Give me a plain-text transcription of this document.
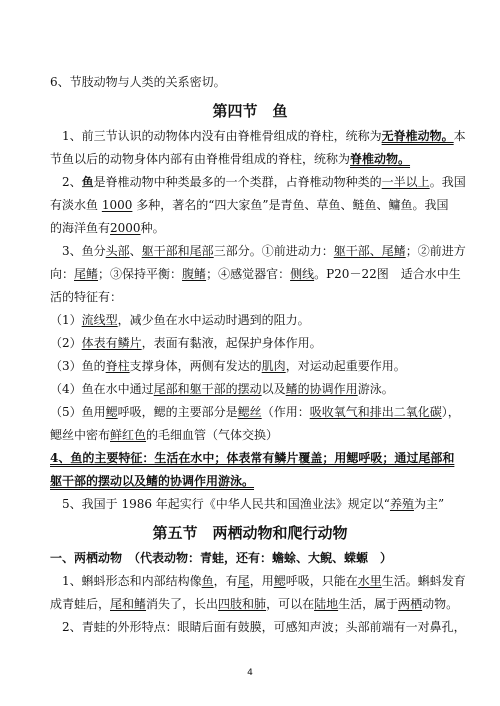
6、节肢动物与人类的关系密切。
第四节　鱼
1、前三节认识的动物体内没有由脊椎骨组成的脊柱，统称为无脊椎动物。本
节鱼以后的动物身体内部有由脊椎骨组成的脊柱，统称为脊椎动物。
2、鱼是脊椎动物中种类最多的一个类群，占脊椎动物种类的一半以上。我国
有淡水鱼 1000 多种，著名的“四大家鱼”是青鱼、草鱼、鲢鱼、鳙鱼。我国
的海洋鱼有2000种。
3、鱼分头部、躯干部和尾部三部分。①前进动力：躯干部、尾鳍；②前进方
向：尾鳍；③保持平衡：腹鳍；④感觉器官：侧线。P20－22图　适合水中生
活的特征有：
（1）流线型，减少鱼在水中运动时遇到的阻力。
（2）体表有鳞片，表面有黏液，起保护身体作用。
（3）鱼的脊柱支撑身体，两侧有发达的肌肉，对运动起重要作用。
（4）鱼在水中通过尾部和躯干部的摆动以及鳍的协调作用游泳。
（5）鱼用鳃呼吸，鳃的主要部分是鳃丝（作用：吸收氧气和排出二氧化碳），
鳃丝中密布鲜红色的毛细血管（气体交换）
4、鱼的主要特征：生活在水中；体表常有鳞片覆盖；用鳃呼吸；通过尾部和
躯干部的摆动以及鳍的协调作用游泳。
5、我国于 1986 年起实行《中华人民共和国渔业法》规定以“养殖为主”
第五节　两栖动物和爬行动物
一、两栖动物　（代表动物：青蛙，还有：蟾蜍、大鲵、蝾螈　）
1、蝌蚪形态和内部结构像鱼，有尾，用鳃呼吸，只能在水里生活。蝌蚪发育
成青蛙后，尾和鳍消失了，长出四肢和肺，可以在陆地生活，属于两栖动物。
2、青蛙的外形特点：眼睛后面有鼓膜，可感知声波；头部前端有一对鼻孔，
4
